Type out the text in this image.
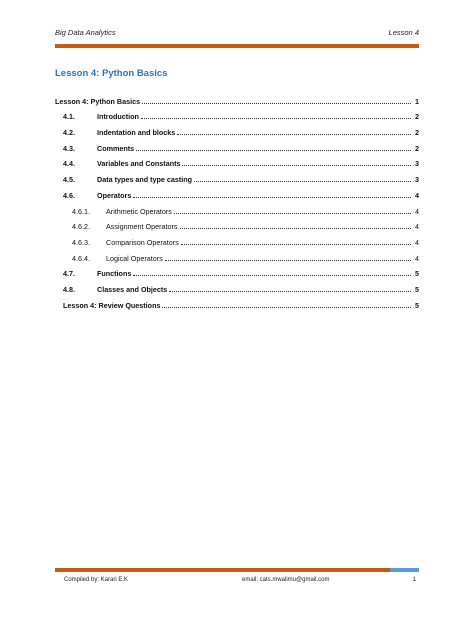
Big Data Analytics	Lesson 4
Lesson 4: Python Basics
Lesson 4: Python Basics	1
4.1.	Introduction	2
4.2.	Indentation and blocks	2
4.3.	Comments	2
4.4.	Variables and Constants	3
4.5.	Data types and type casting	3
4.6.	Operators	4
4.6.1.	Arithmetic Operators	4
4.6.2.	Assignment Operators	4
4.6.3.	Comparison Operators	4
4.6.4.	Logical Operators	4
4.7.	Functions	5
4.8.	Classes and Objects	5
Lesson 4: Review Questions	5
Compiled by: Karari E.K	email: cats.mwalimu@gmail.com	1
